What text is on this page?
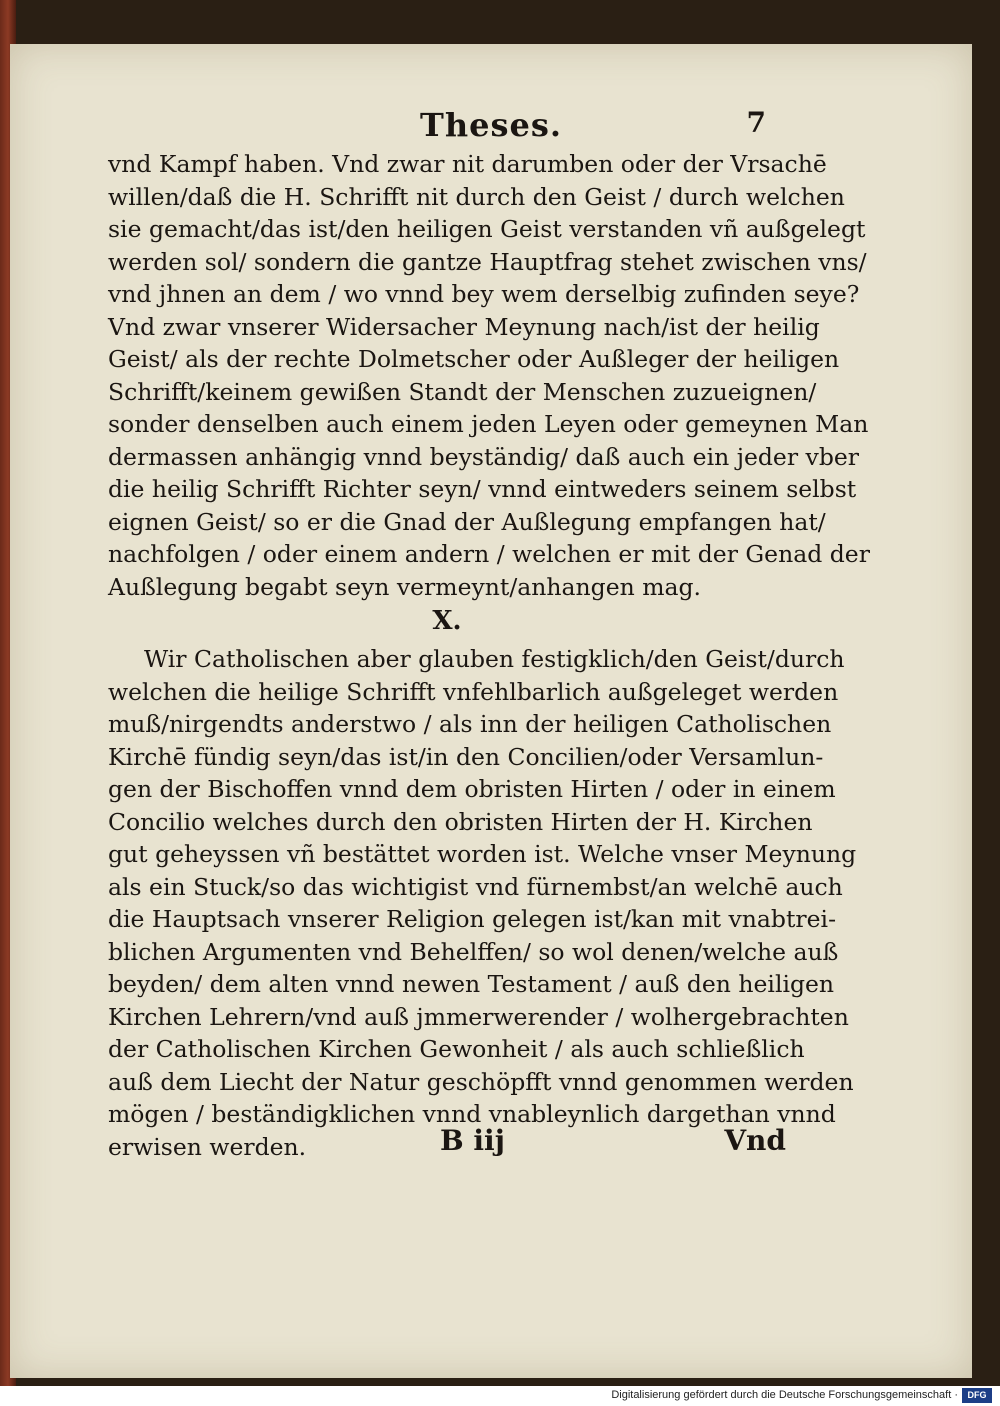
Theses.	7
vnd Kampf haben. Vnd zwar nit darumben oder der Vrsachē
willen/daß die H. Schrifft nit durch den Geist / durch welchen
sie gemacht/das ist/den heiligen Geist verstanden vñ außgelegt
werden sol/ sondern die gantze Hauptfrag stehet zwischen vns/
vnd jhnen an dem / wo vnnd bey wem derselbig zufinden seye?
Vnd zwar vnserer Widersacher Meynung nach/ist der heilig
Geist/ als der rechte Dolmetscher oder Außleger der heiligen
Schrifft/keinem gewißen Standt der Menschen zuzueignen/
sonder denselben auch einem jeden Leyen oder gemeynen Man
dermassen anhängig vnnd beyständig/ daß auch ein jeder vber
die heilig Schrifft Richter seyn/ vnnd eintweders seinem selbst
eignen Geist/ so er die Gnad der Außlegung empfangen hat/
nachfolgen / oder einem andern / welchen er mit der Genad der
Außlegung begabt seyn vermeynt/anhangen mag.
X.
Wir Catholischen aber glauben festigklich/den Geist/durch
welchen die heilige Schrifft vnfehlbarlich außgeleget werden
muß/nirgendts anderstwo / als inn der heiligen Catholischen
Kirchē fündig seyn/das ist/in den Concilien/oder Versamlun-
gen der Bischoffen vnnd dem obristen Hirten / oder in einem
Concilio welches durch den obristen Hirten der H. Kirchen
gut geheyssen vñ bestättet worden ist. Welche vnser Meynung
als ein Stuck/so das wichtigist vnd fürnembst/an welchē auch
die Hauptsach vnserer Religion gelegen ist/kan mit vnabtrei-
blichen Argumenten vnd Behelffen/ so wol denen/welche auß
beyden/ dem alten vnnd newen Testament / auß den heiligen
Kirchen Lehrern/vnd auß jmmerwerender / wolhergebrachten
der Catholischen Kirchen Gewonheit / als auch schließlich
auß dem Liecht der Natur geschöpfft vnnd genommen werden
mögen / beständigklichen vnnd vnableynlich dargethan vnnd
erwisen werden.	B iij	Vnd
Digitalisierung gefördert durch die Deutsche Forschungsgemeinschaft ·	DFG
